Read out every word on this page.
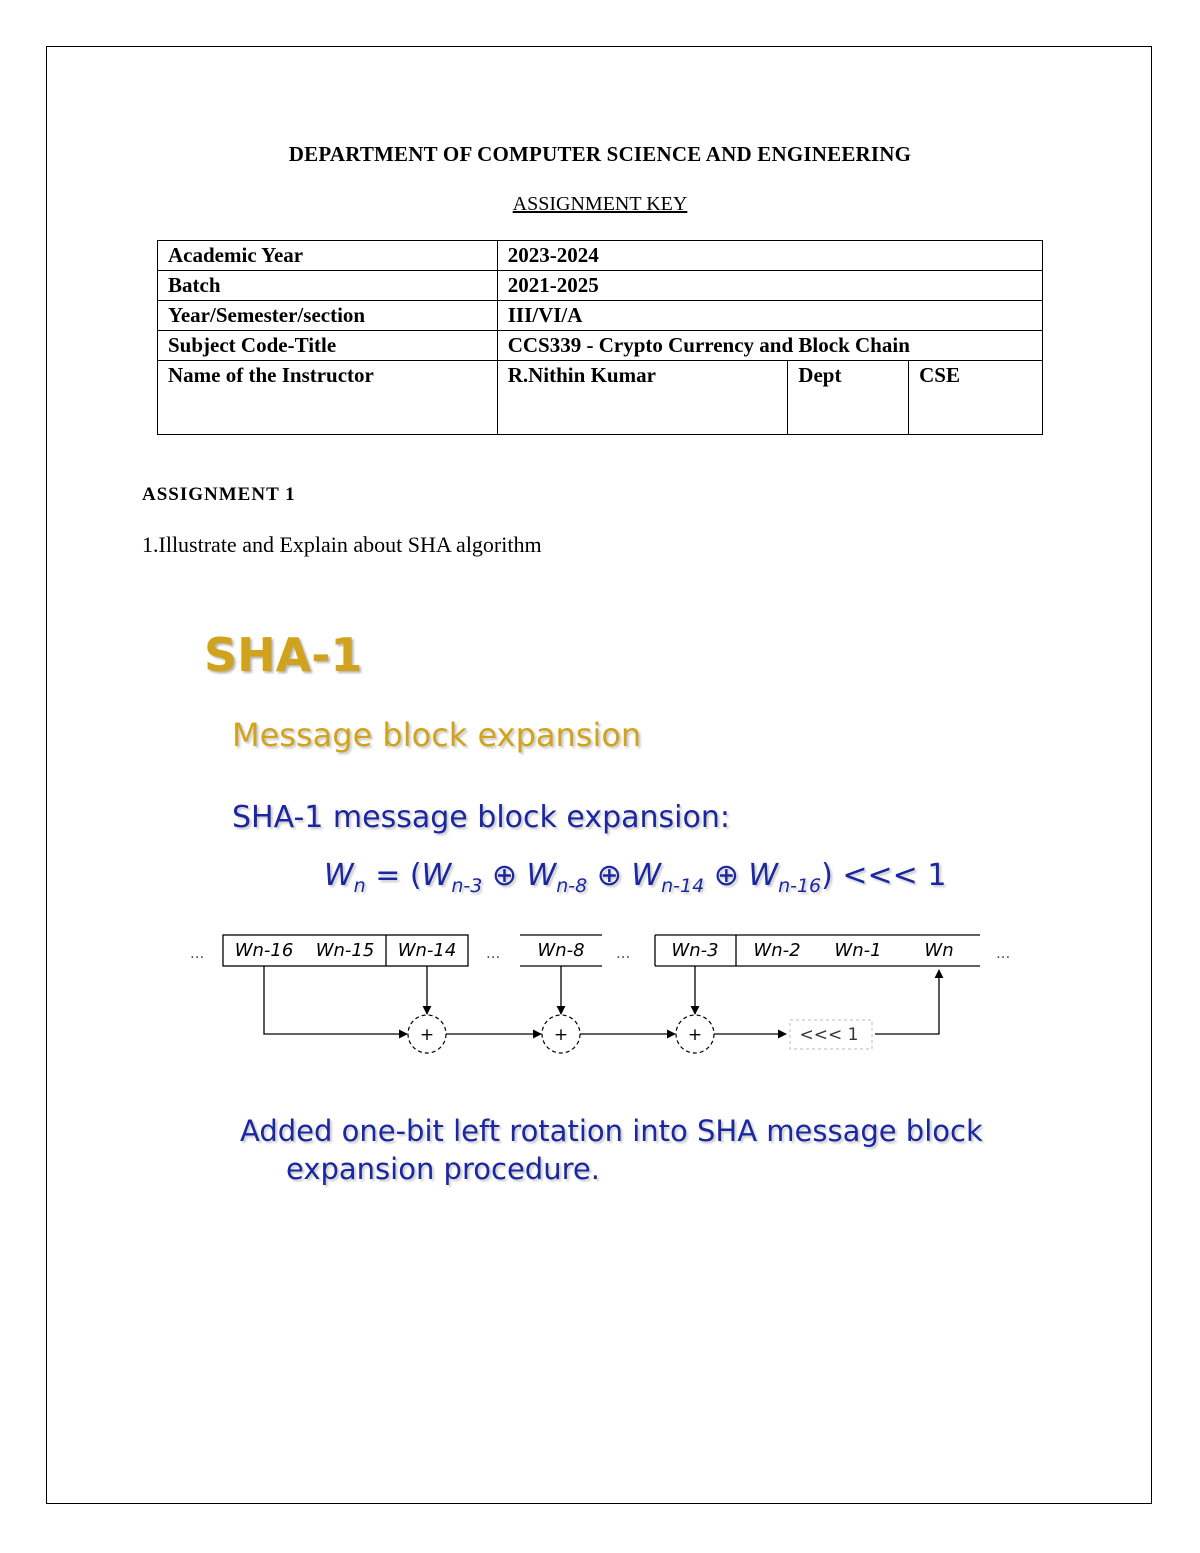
DEPARTMENT OF COMPUTER SCIENCE AND ENGINEERING
ASSIGNMENT KEY
Academic Year	2023-2024		
Batch	2021-2025		
Year/Semester/section	III/VI/A		
Subject Code-Title	CCS339 - Crypto Currency and Block Chain		
Name of the Instructor	R.Nithin Kumar	Dept	CSE
ASSIGNMENT 1
1.Illustrate and Explain about SHA algorithm
SHA-1
Message block expansion
SHA-1 message block expansion:
$W_n = (W_{n-3}$ ⊕ $W_{n-8}$ ⊕ $W_{n-14}$ ⊕ $W_{n-16}$) <<< 1
...	...	...	...
Wn-16 Wn-15 Wn-14	Wn-8	Wn-3 Wn-2 Wn-1 Wn
+	+	+	<<< 1
Added one-bit left rotation into SHA message block
expansion procedure.
